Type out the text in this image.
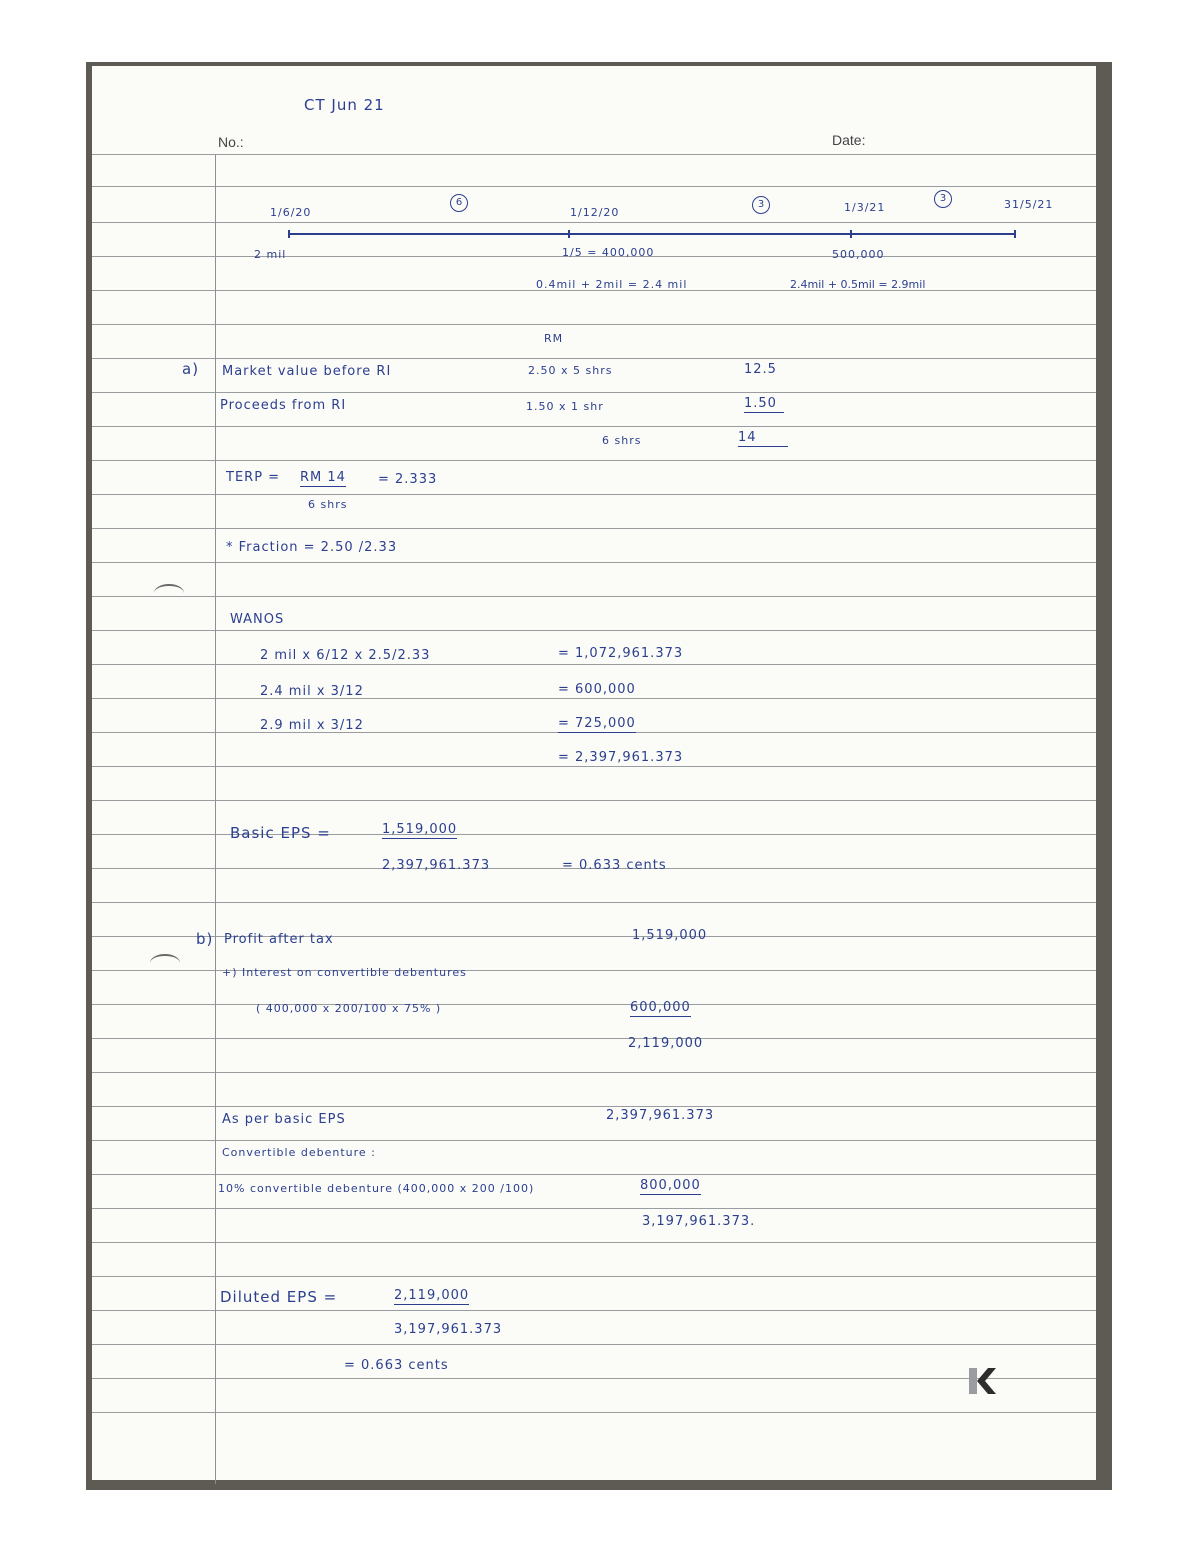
CT Jun 21
No.:	Date:
1/6/20	1/12/20	1/3/21	31/5/21
6	3
3
2 mil	1/5 = 400,000	500,000
0.4mil + 2mil = 2.4 mil	2.4mil + 0.5mil = 2.9mil
RM
a) Market value before RI	2.50 x 5 shrs	12.5
Proceeds from RI	1.50 x 1 shr	1.50
6 shrs	14
TERP = RM 14
6 shrs
= 2.333
* Fraction = 2.50 /2.33
WANOS
2 mil x 6/12 x 2.5/2.33	= 1,072,961.373
2.4 mil x 3/12	= 600,000
2.9 mil x 3/12	= 725,000
= 2,397,961.373
Basic EPS =	1,519,000
2,397,961.373	= 0.633 cents
b) Profit after tax	1,519,000
+) Interest on convertible debentures
( 400,000 x 200/100 x 75% )	600,000
2,119,000
As per basic EPS	2,397,961.373
Convertible debenture :
10% convertible debenture (400,000 x 200 /100)	800,000
3,197,961.373.
Diluted EPS =	2,119,000
3,197,961.373
= 0.663 cents
